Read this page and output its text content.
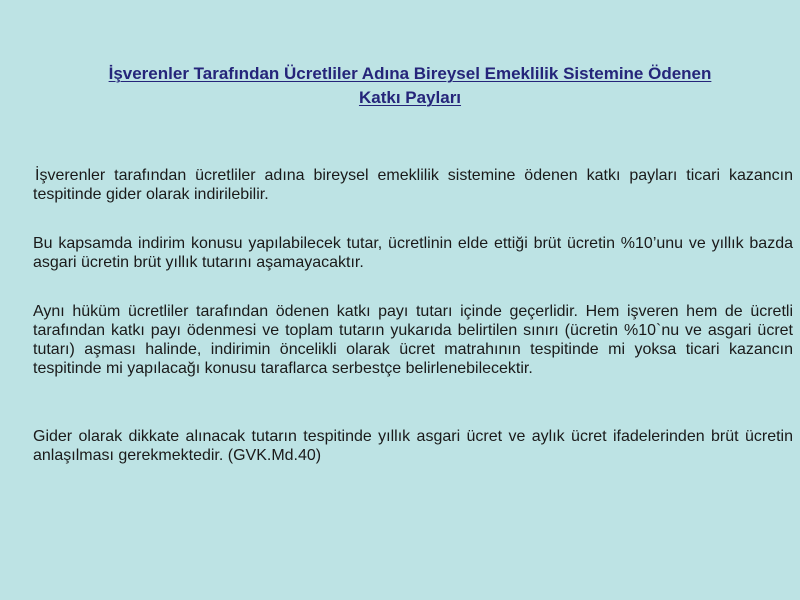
İşverenler Tarafından Ücretliler Adına Bireysel Emeklilik Sistemine Ödenen
Katkı Payları
İşverenler tarafından ücretliler adına bireysel emeklilik sistemine ödenen katkı payları ticari kazancın tespitinde gider olarak indirilebilir.
Bu kapsamda indirim konusu yapılabilecek tutar, ücretlinin elde ettiği brüt ücretin %10’unu ve yıllık bazda asgari ücretin brüt yıllık tutarını aşamayacaktır.
Aynı hüküm ücretliler tarafından ödenen katkı payı tutarı içinde geçerlidir. Hem işveren hem de ücretli tarafından katkı payı ödenmesi ve toplam tutarın yukarıda belirtilen sınırı (ücretin %10`nu ve asgari ücret tutarı) aşması halinde, indirimin öncelikli olarak ücret matrahının tespitinde mi yoksa ticari kazancın tespitinde mi yapılacağı konusu taraflarca serbestçe belirlenebilecektir.
Gider olarak dikkate alınacak tutarın tespitinde yıllık asgari ücret ve aylık ücret ifadelerinden brüt ücretin anlaşılması gerekmektedir. (GVK.Md.40)
